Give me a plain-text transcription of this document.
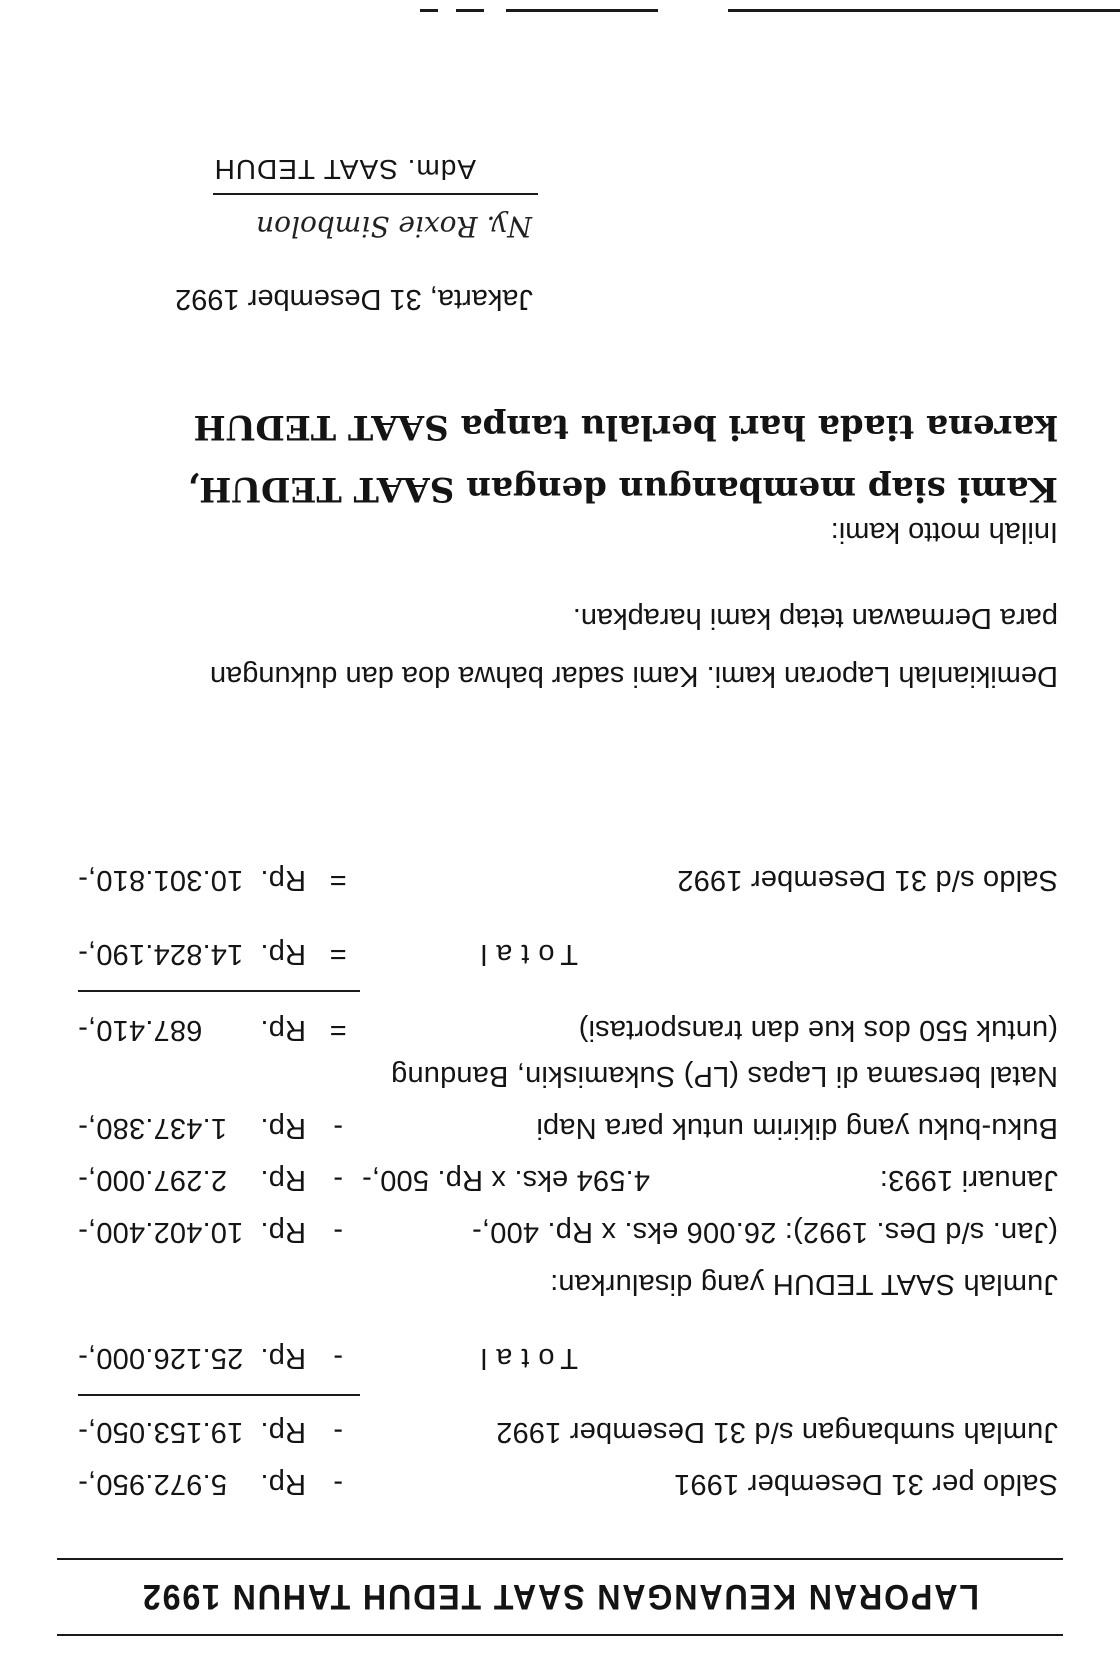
LAPORAN KEUANGAN SAAT TEDUH TAHUN 1992
Saldo per 31 Desember 1991
-
Rp.
5.972.950,-
Jumlah sumbangan s/d 31 Desember 1992
-
Rp.
19.153.050,-
Total
-
Rp.
25.126.000,-
Jumlah SAAT TEDUH yang disalurkan:
(Jan. s/d Des. 1992): 26.006 eks. x Rp. 400,-
-
Rp.
10.402.400,-
Januari 1993:
4.594 eks. x Rp. 500,-
-
Rp.
2.297.000,-
Buku-buku yang dikirim untuk para Napi
-
Rp.
1.437.380,-
Natal bersama di Lapas (LP) Sukamiskin, Bandung
(untuk 550 dos kue dan transportasi)
=
Rp.
687.410,-
Total
=
Rp.
14.824.190,-
Saldo s/d 31 Desember 1992
=
Rp.
10.301.810,-

Demikianlah Laporan kami. Kami sadar bahwa doa dan dukungan

para Dermawan tetap kami harapkan.

Inilah motto kami:

Kami siap membangun dengan SAAT TEDUH,

karena tiada hari berlalu tanpa SAAT TEDUH

Jakarta, 31 Desember 1992
Ny. Roxie Simbolon
Adm. SAAT TEDUH
